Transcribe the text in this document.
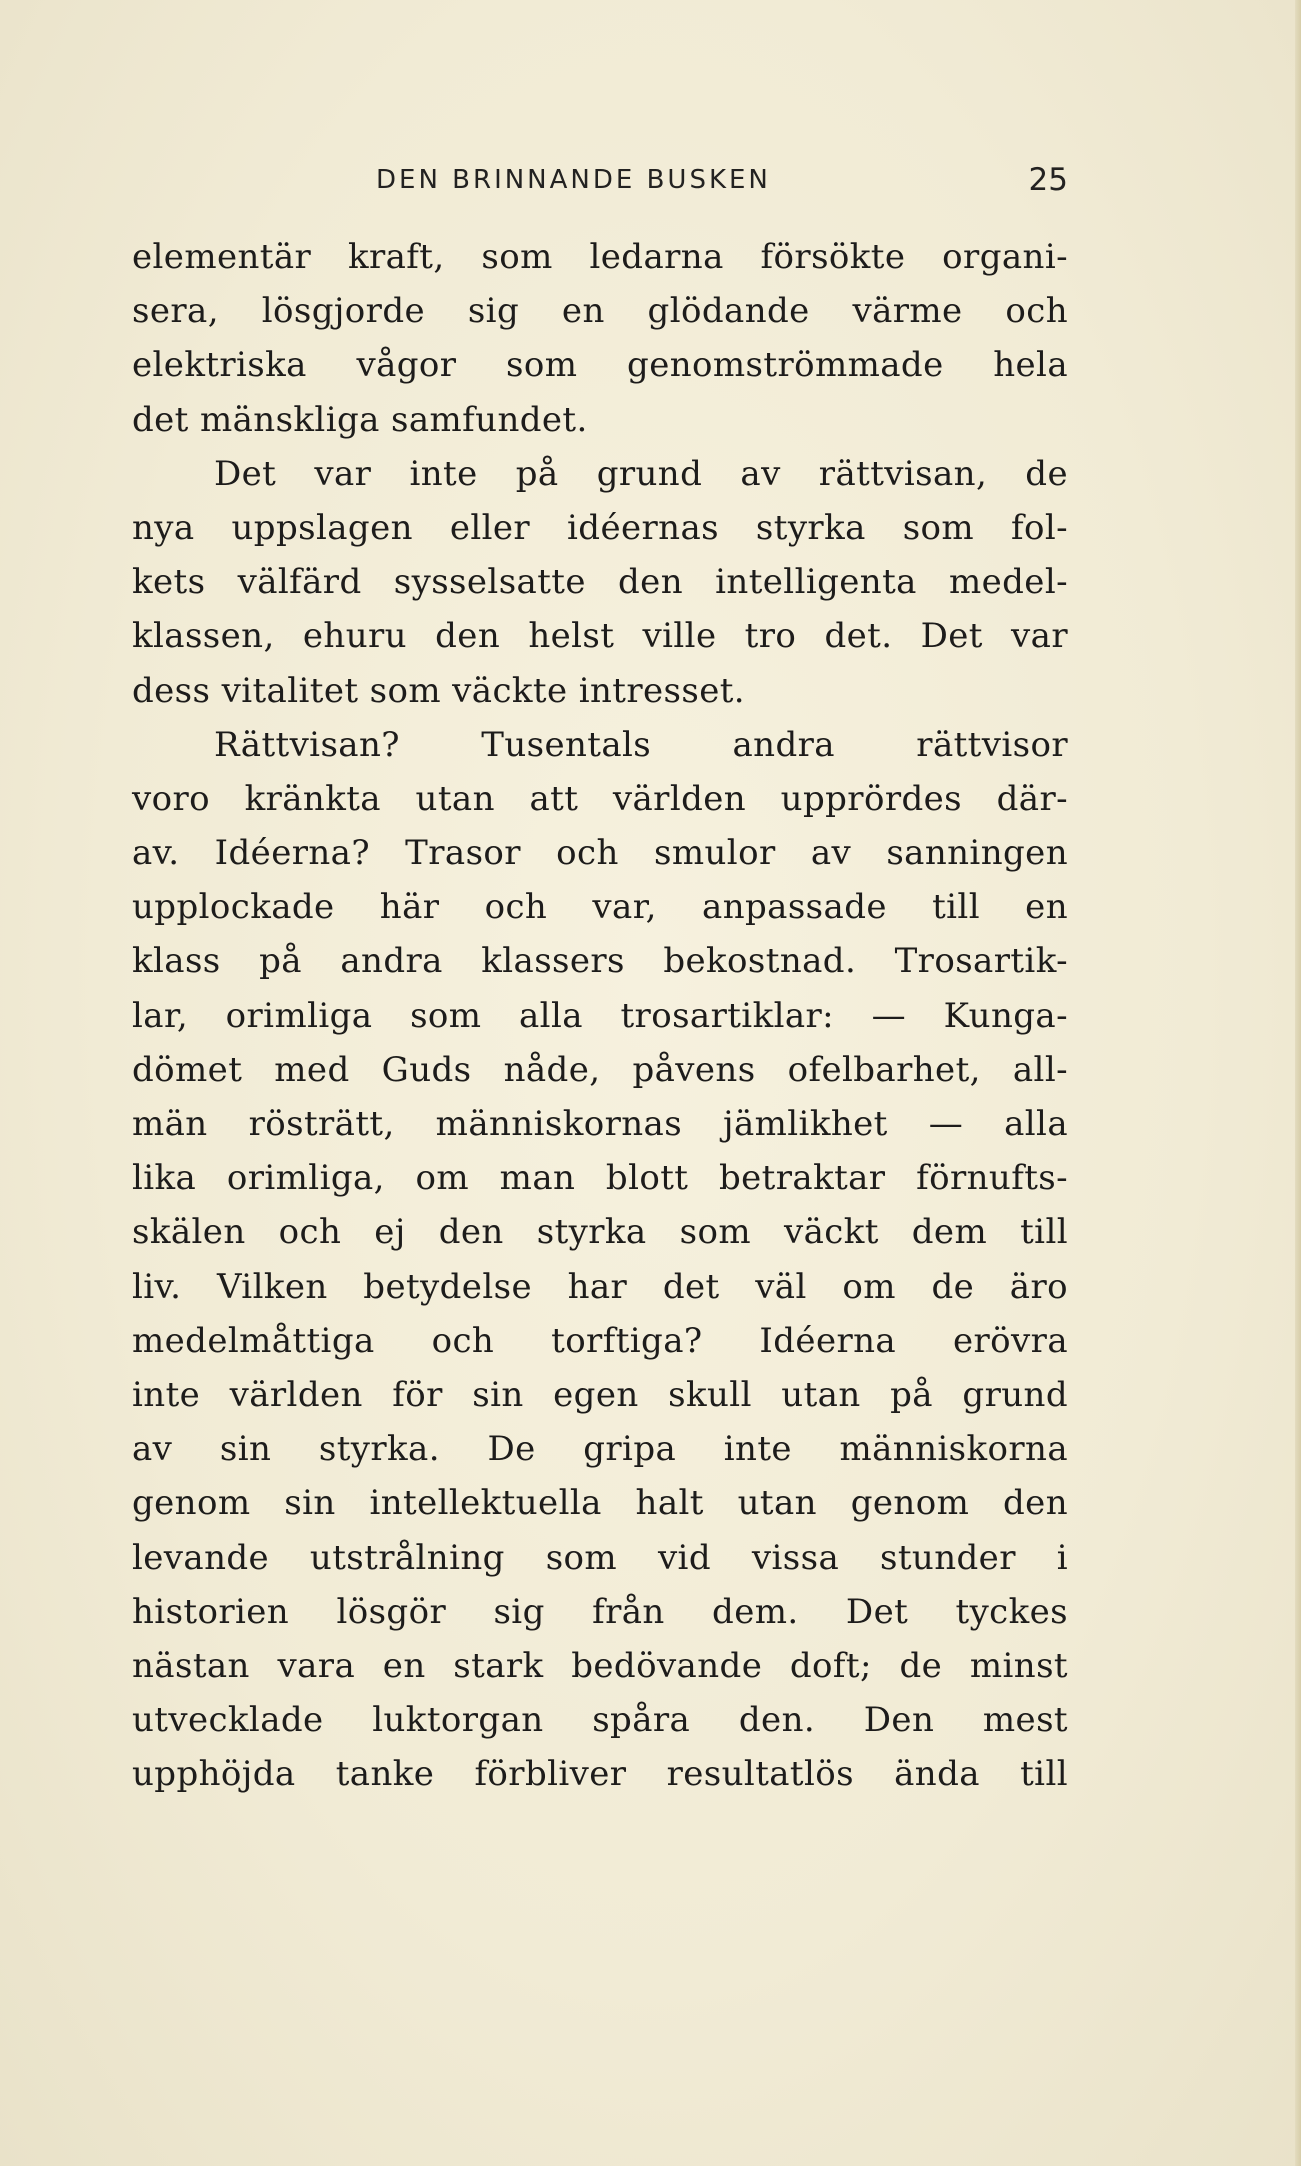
DEN BRINNANDE BUSKEN	25
elementär kraft, som ledarna försökte organi-
sera, lösgjorde sig en glödande värme och
elektriska vågor som genomströmmade hela
det mänskliga samfundet.
Det var inte på grund av rättvisan, de
nya uppslagen eller idéernas styrka som fol-
kets välfärd sysselsatte den intelligenta medel-
klassen, ehuru den helst ville tro det. Det var
dess vitalitet som väckte intresset.
Rättvisan? Tusentals andra rättvisor
voro kränkta utan att världen upprördes där-
av. Idéerna? Trasor och smulor av sanningen
upplockade här och var, anpassade till en
klass på andra klassers bekostnad. Trosartik-
lar, orimliga som alla trosartiklar: — Kunga-
dömet med Guds nåde, påvens ofelbarhet, all-
män rösträtt, människornas jämlikhet — alla
lika orimliga, om man blott betraktar förnufts-
skälen och ej den styrka som väckt dem till
liv. Vilken betydelse har det väl om de äro
medelmåttiga och torftiga? Idéerna erövra
inte världen för sin egen skull utan på grund
av sin styrka. De gripa inte människorna
genom sin intellektuella halt utan genom den
levande utstrålning som vid vissa stunder i
historien lösgör sig från dem. Det tyckes
nästan vara en stark bedövande doft; de minst
utvecklade luktorgan spåra den. Den mest
upphöjda tanke förbliver resultatlös ända till
